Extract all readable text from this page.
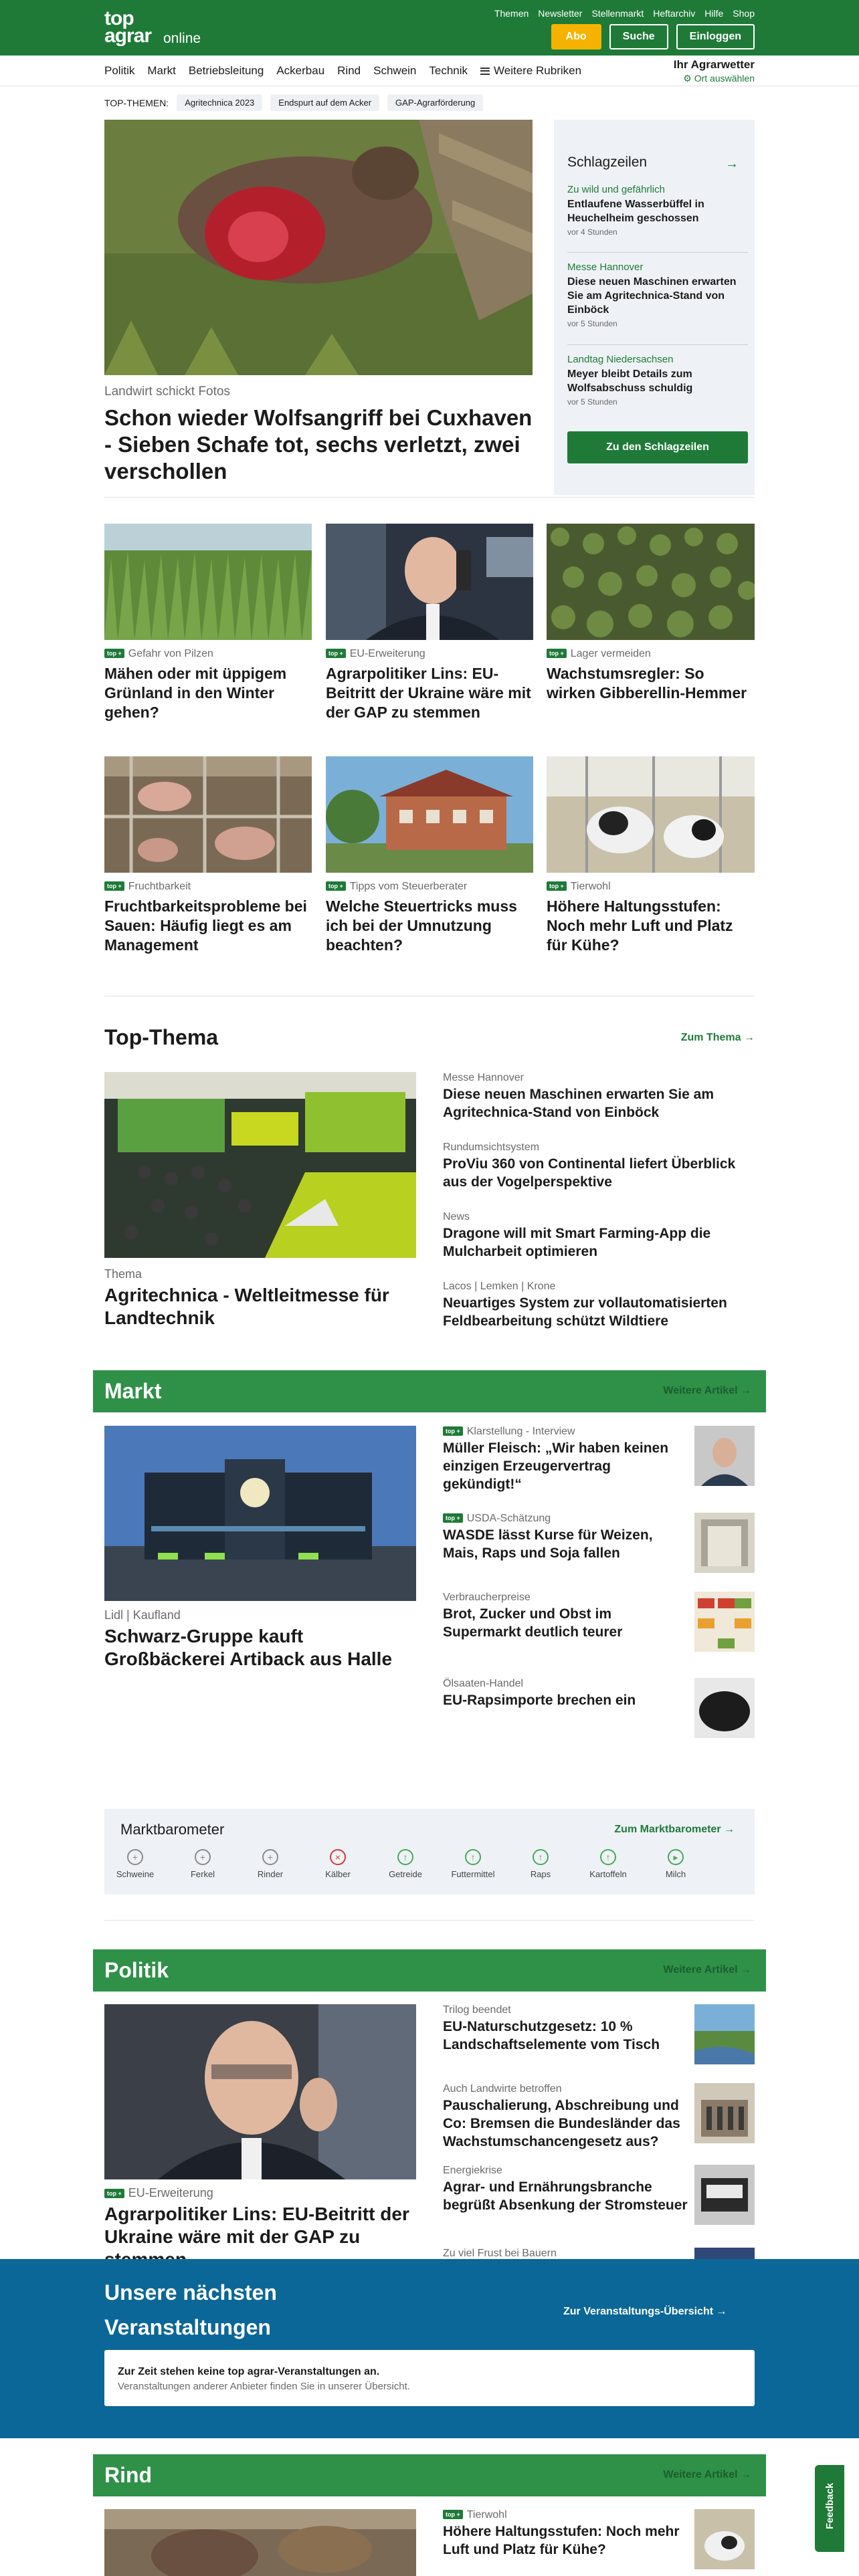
top
agrar online
Themen Newsletter Stellenmarkt Heftarchiv Hilfe Shop
Abo	Suche	Einloggen
Politik Markt Betriebsleitung Ackerbau Rind Schwein Technik Weitere Rubriken	Ihr Agrarwetter
⚙ Ort auswählen
TOP-THEMEN:	Agritechnica 2023	Endspurt auf dem Acker	GAP-Agrarförderung
Landwirt schickt Fotos
Schon wieder Wolfsangriff bei Cuxhaven - Sieben Schafe tot, sechs verletzt, zwei verschollen
Schlagzeilen	→
Zu wild und gefährlich
Entlaufene Wasserbüffel in Heuchelheim geschossen
vor 4 Stunden
Messe Hannover
Diese neuen Maschinen erwarten Sie am Agritechnica-Stand von Einböck
vor 5 Stunden
Landtag Niedersachsen
Meyer bleibt Details zum Wolfsabschuss schuldig
vor 5 Stunden
Zu den Schlagzeilen
top + Gefahr von Pilzen
Mähen oder mit üppigem Grünland in den Winter gehen?
top + EU-Erweiterung
Agrarpolitiker Lins: EU-Beitritt der Ukraine wäre mit der GAP zu stemmen
top + Lager vermeiden
Wachstumsregler: So wirken Gibberellin-Hemmer
top + Fruchtbarkeit
Fruchtbarkeitsprobleme bei Sauen: Häufig liegt es am Management
top + Tipps vom Steuerberater
Welche Steuertricks muss ich bei der Umnutzung beachten?
top + Tierwohl
Höhere Haltungsstufen: Noch mehr Luft und Platz für Kühe?
Top-Thema	Zum Thema →
Thema
Agritechnica - Weltleitmesse für Landtechnik
Messe Hannover
Diese neuen Maschinen erwarten Sie am Agritechnica-Stand von Einböck
Rundumsichtsystem
ProViu 360 von Continental liefert Überblick aus der Vogelperspektive
News
Dragone will mit Smart Farming-App die Mulcharbeit optimieren
Lacos | Lemken | Krone
Neuartiges System zur vollautomatisierten Feldbearbeitung schützt Wildtiere
Markt	Weitere Artikel →
Lidl | Kaufland
Schwarz-Gruppe kauft Großbäckerei Artiback aus Halle
top + Klarstellung - Interview
Müller Fleisch: „Wir haben keinen einzigen Erzeugervertrag gekündigt!“
top + USDA-Schätzung
WASDE lässt Kurse für Weizen, Mais, Raps und Soja fallen
Verbraucherpreise
Brot, Zucker und Obst im Supermarkt deutlich teurer
Ölsaaten-Handel
EU-Rapsimporte brechen ein
Marktbarometer	Zum Marktbarometer →
+
Schweine
+
Ferkel
+
Rinder
×
Kälber
↑
Getreide
↑
Futtermittel
↑
Raps
↑
Kartoffeln
▸
Milch
Politik	Weitere Artikel →
top + EU-Erweiterung
Agrarpolitiker Lins: EU-Beitritt der Ukraine wäre mit der GAP zu
Trilog beendet
EU-Naturschutzgesetz: 10 % Landschaftselemente vom Tisch
Auch Landwirte betroffen
Pauschalierung, Abschreibung und Co: Bremsen die Bundesländer das Wachstumschancengesetz aus?
Energiekrise
Agrar- und Ernährungsbranche begrüßt Absenkung der Stromsteuer
Zu viel Frust bei Bauern
Unsere nächsten
Veranstaltungen
Zur Veranstaltungs-Übersicht →
Zur Zeit stehen keine top agrar-Veranstaltungen an.
Veranstaltungen anderer Anbieter finden Sie in unserer Übersicht.
Rind	Weitere Artikel →
top + Tierwohl
Höhere Haltungsstufen: Noch mehr Luft und Platz für Kühe?
Feedback
